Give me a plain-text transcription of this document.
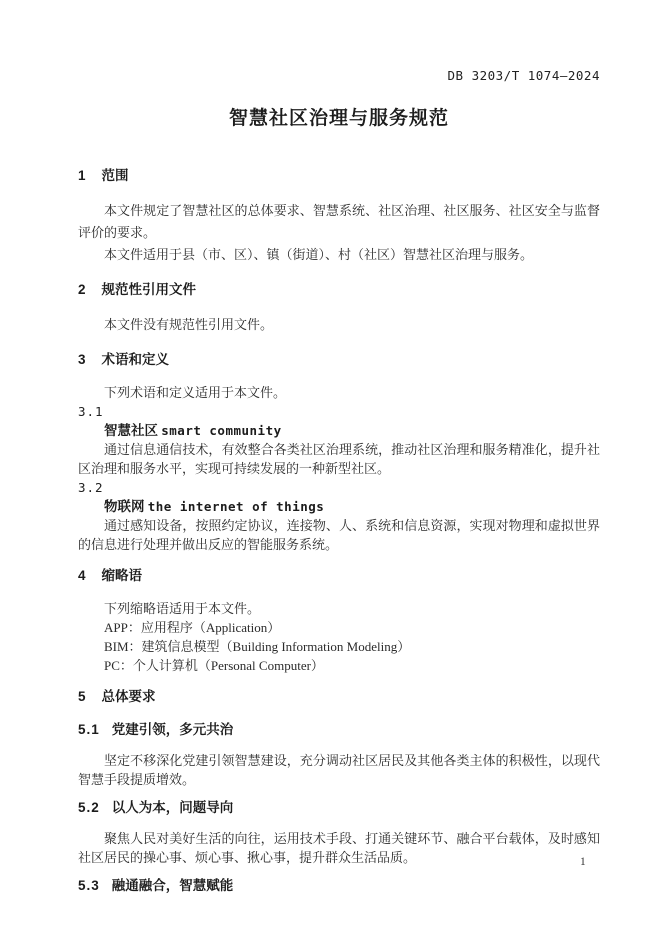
DB 3203/T 1074—2024
智慧社区治理与服务规范
1 范围

本文件规定了智慧社区的总体要求、智慧系统、社区治理、社区服务、社区安全与监督评价的要求。

本文件适用于县（市、区）、镇（街道）、村（社区）智慧社区治理与服务。

2 规范性引用文件

本文件没有规范性引用文件。

3 术语和定义

下列术语和定义适用于本文件。

3.1
智慧社区 smart community

通过信息通信技术，有效整合各类社区治理系统，推动社区治理和服务精准化，提升社区治理和服务水平，实现可持续发展的一种新型社区。

3.2
物联网 the internet of things

通过感知设备，按照约定协议，连接物、人、系统和信息资源，实现对物理和虚拟世界的信息进行处理并做出反应的智能服务系统。

4 缩略语

下列缩略语适用于本文件。

APP：应用程序（Application）
BIM：建筑信息模型（Building Information Modeling）
PC：个人计算机（Personal Computer）
5 总体要求
5.1 党建引领，多元共治

坚定不移深化党建引领智慧建设，充分调动社区居民及其他各类主体的积极性，以现代智慧手段提质增效。

5.2 以人为本，问题导向

聚焦人民对美好生活的向往，运用技术手段、打通关键环节、融合平台载体，及时感知社区居民的操心事、烦心事、揪心事，提升群众生活品质。

5.3 融通融合，智慧赋能
1
